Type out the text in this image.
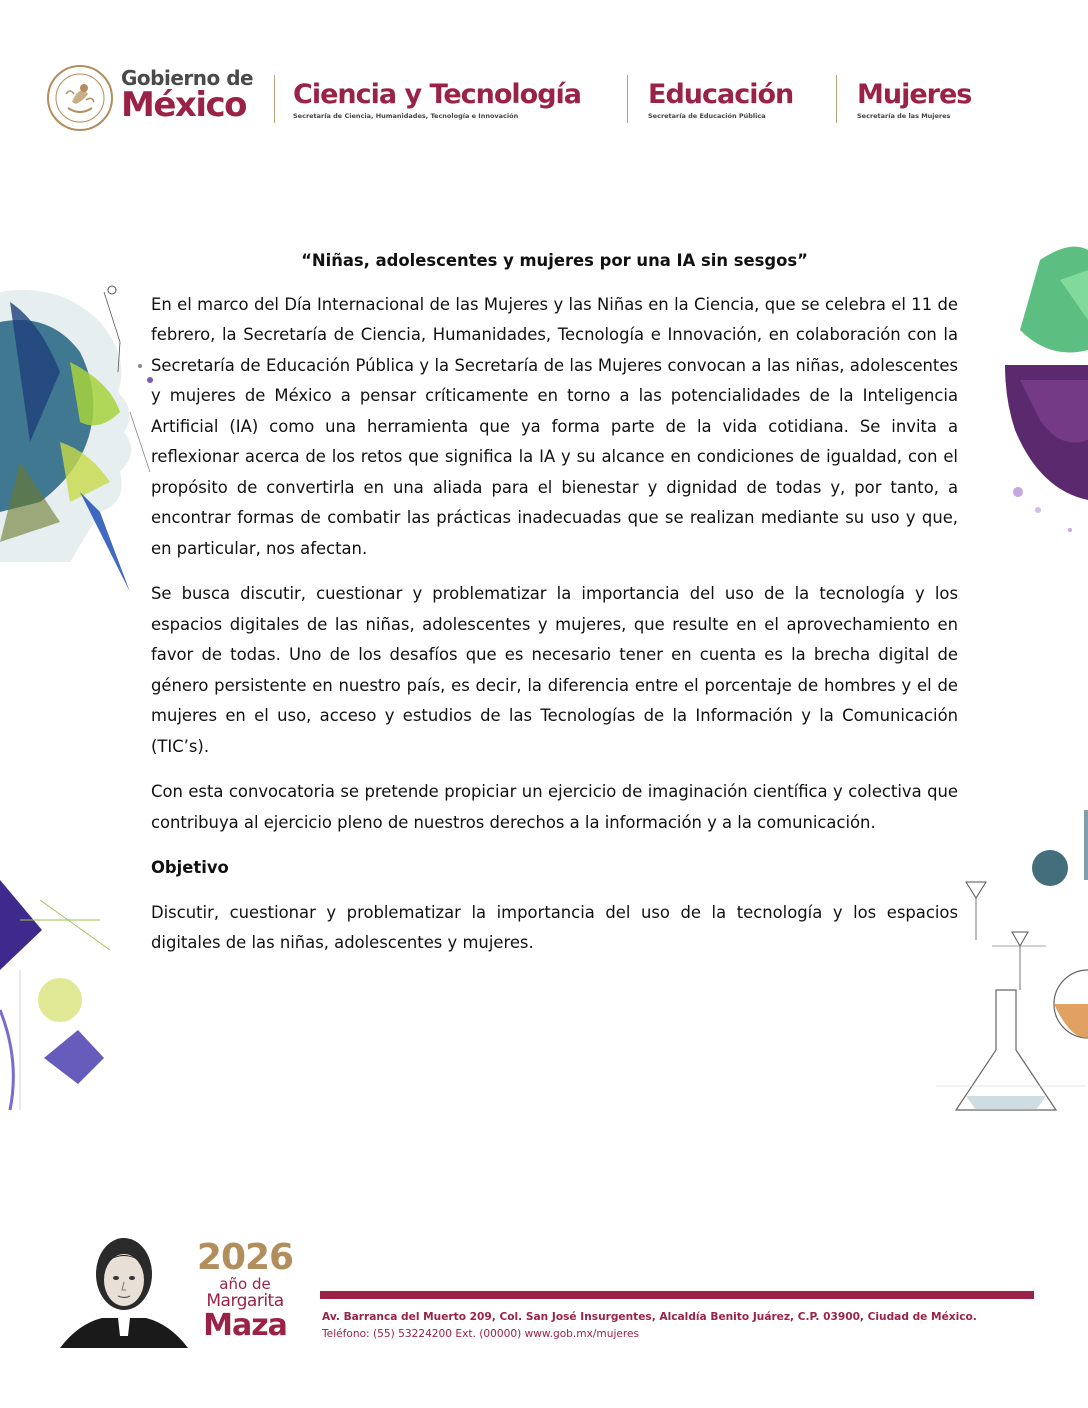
Gobierno de
México Ciencia y Tecnología
Secretaría de Ciencia, Humanidades, Tecnología e Innovación
Educación
Secretaría de Educación Pública
Mujeres
Secretaría de las Mujeres
“Niñas, adolescentes y mujeres por una IA sin sesgos”

En el marco del Día Internacional de las Mujeres y las Niñas en la Ciencia, que se celebra el 11 de febrero, la Secretaría de Ciencia, Humanidades, Tecnología e Innovación, en colaboración con la Secretaría de Educación Pública y la Secretaría de las Mujeres convocan a las niñas, adolescentes y mujeres de México a pensar críticamente en torno a las potencialidades de la Inteligencia Artificial (IA) como una herramienta que ya forma parte de la vida cotidiana. Se invita a reflexionar acerca de los retos que significa la IA y su alcance en condiciones de igualdad, con el propósito de convertirla en una aliada para el bienestar y dignidad de todas y, por tanto, a encontrar formas de combatir las prácticas inadecuadas que se realizan mediante su uso y que, en particular, nos afectan.

Se busca discutir, cuestionar y problematizar la importancia del uso de la tecnología y los espacios digitales de las niñas, adolescentes y mujeres, que resulte en el aprovechamiento en favor de todas. Uno de los desafíos que es necesario tener en cuenta es la brecha digital de género persistente en nuestro país, es decir, la diferencia entre el porcentaje de hombres y el de mujeres en el uso, acceso y estudios de las Tecnologías de la Información y la Comunicación (TIC’s).

Con esta convocatoria se pretende propiciar un ejercicio de imaginación científica y colectiva que contribuya al ejercicio pleno de nuestros derechos a la información y a la comunicación.

Objetivo

Discutir, cuestionar y problematizar la importancia del uso de la tecnología y los espacios digitales de las niñas, adolescentes y mujeres.

2026
año de
Margarita
Maza	Av. Barranca del Muerto 209, Col. San José Insurgentes, Alcaldía Benito Juárez, C.P. 03900, Ciudad de México.
Teléfono: (55) 53224200 Ext. (00000) www.gob.mx/mujeres
